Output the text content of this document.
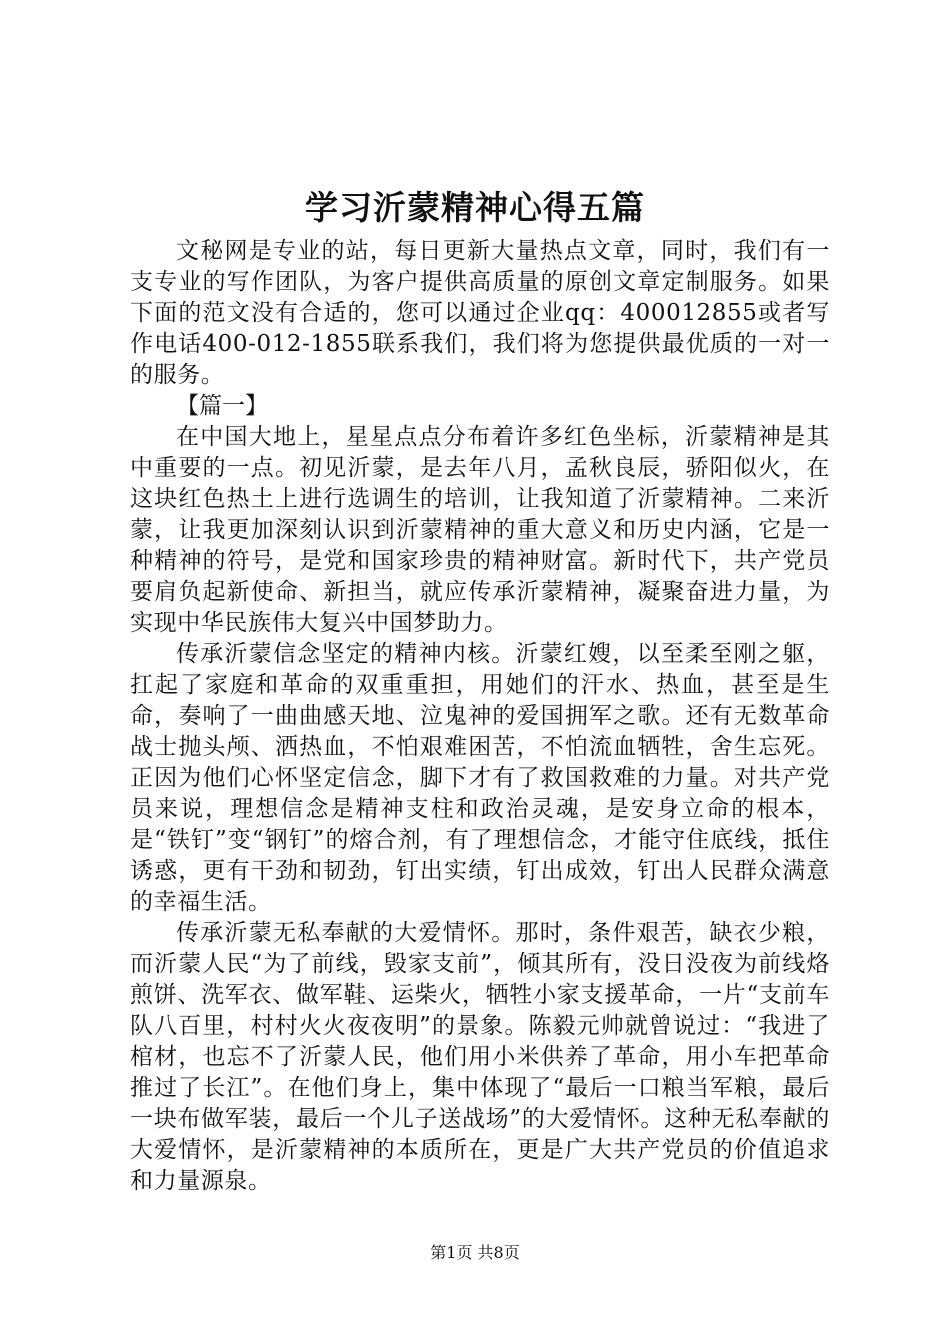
学习沂蒙精神心得五篇

文秘网是专业的站，每日更新大量热点文章，同时，我们有一支专业的写作团队，为客户提供高质量的原创文章定制服务。如果下面的范文没有合适的，您可以通过企业qq：400012855或者写作电话400-012-1855联系我们，我们将为您提供最优质的一对一的服务。

【篇一】

在中国大地上，星星点点分布着许多红色坐标，沂蒙精神是其中重要的一点。初见沂蒙，是去年八月，孟秋良辰，骄阳似火，在这块红色热土上进行选调生的培训，让我知道了沂蒙精神。二来沂蒙，让我更加深刻认识到沂蒙精神的重大意义和历史内涵，它是一种精神的符号，是党和国家珍贵的精神财富。新时代下，共产党员要肩负起新使命、新担当，就应传承沂蒙精神，凝聚奋进力量，为实现中华民族伟大复兴中国梦助力。

传承沂蒙信念坚定的精神内核。沂蒙红嫂，以至柔至刚之躯，扛起了家庭和革命的双重重担，用她们的汗水、热血，甚至是生命，奏响了一曲曲感天地、泣鬼神的爱国拥军之歌。还有无数革命战士抛头颅、洒热血，不怕艰难困苦，不怕流血牺牲，舍生忘死。正因为他们心怀坚定信念，脚下才有了救国救难的力量。对共产党员来说，理想信念是精神支柱和政治灵魂，是安身立命的根本，是“铁钉”变“钢钉”的熔合剂，有了理想信念，才能守住底线，抵住诱惑，更有干劲和韧劲，钉出实绩，钉出成效，钉出人民群众满意的幸福生活。

传承沂蒙无私奉献的大爱情怀。那时，条件艰苦，缺衣少粮，而沂蒙人民“为了前线，毁家支前”，倾其所有，没日没夜为前线烙煎饼、洗军衣、做军鞋、运柴火，牺牲小家支援革命，一片“支前车队八百里，村村火火夜夜明”的景象。陈毅元帅就曾说过：“我进了棺材，也忘不了沂蒙人民，他们用小米供养了革命，用小车把革命推过了长江”。在他们身上，集中体现了“最后一口粮当军粮，最后一块布做军装，最后一个儿子送战场”的大爱情怀。这种无私奉献的大爱情怀，是沂蒙精神的本质所在，更是广大共产党员的价值追求和力量源泉。

第1页 共8页
